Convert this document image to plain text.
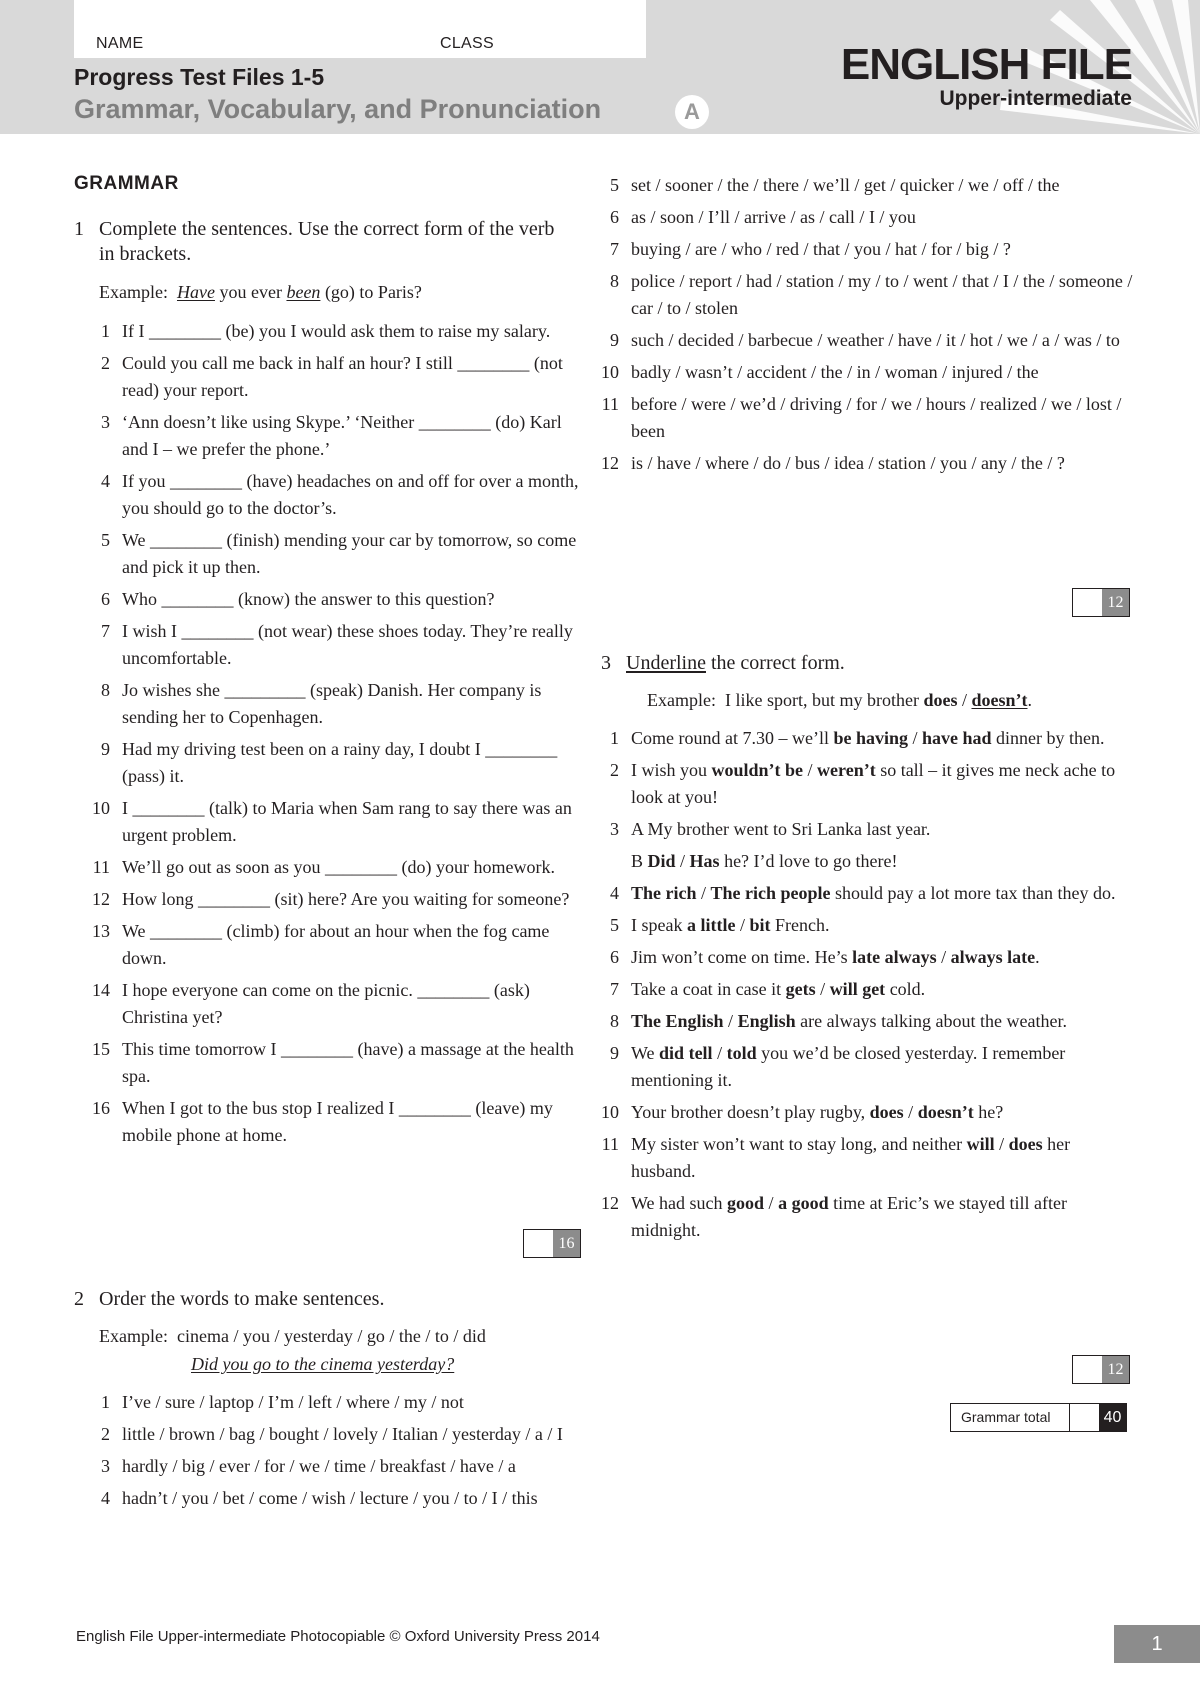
NAME	CLASS
Progress Test Files 1-5
Grammar, Vocabulary, and Pronunciation	A
ENGLISH FILE
Upper-intermediate
GRAMMAR
1 Complete the sentences. Use the correct form of the verb in brackets.
Example: Have you ever been (go) to Paris?
1 If I ________ (be) you I would ask them to raise my salary.
2 Could you call me back in half an hour? I still ________ (not read) your report.
3 ‘Ann doesn’t like using Skype.’ ‘Neither ________ (do) Karl and I – we prefer the phone.’
4 If you ________ (have) headaches on and off for over a month, you should go to the doctor’s.
5 We ________ (finish) mending your car by tomorrow, so come and pick it up then.
6 Who ________ (know) the answer to this question?
7 I wish I ________ (not wear) these shoes today. They’re really uncomfortable.
8 Jo wishes she _________ (speak) Danish. Her company is sending her to Copenhagen.
9 Had my driving test been on a rainy day, I doubt I ________ (pass) it.
10 I ________ (talk) to Maria when Sam rang to say there was an urgent problem.
11 We’ll go out as soon as you ________ (do) your homework.
12 How long ________ (sit) here? Are you waiting for someone?
13 We ________ (climb) for about an hour when the fog came down.
14 I hope everyone can come on the picnic. ________ (ask) Christina yet?
15 This time tomorrow I ________ (have) a massage at the health spa.
16 When I got to the bus stop I realized I ________ (leave) my mobile phone at home.
16
2 Order the words to make sentences.
Example: cinema / you / yesterday / go / the / to / did
Did you go to the cinema yesterday?
1 I’ve / sure / laptop / I’m / left / where / my / not
2 little / brown / bag / bought / lovely / Italian / yesterday / a / I
3 hardly / big / ever / for / we / time / breakfast / have / a
4 hadn’t / you / bet / come / wish / lecture / you / to / I / this
5 set / sooner / the / there / we’ll / get / quicker / we / off / the
6 as / soon / I’ll / arrive / as / call / I / you
7 buying / are / who / red / that / you / hat / for / big / ?
8 police / report / had / station / my / to / went / that / I / the / someone / car / to / stolen
9 such / decided / barbecue / weather / have / it / hot / we / a / was / to
10 badly / wasn’t / accident / the / in / woman / injured / the
11 before / were / we’d / driving / for / we / hours / realized / we / lost / been
12 is / have / where / do / bus / idea / station / you / any / the / ?
12
3 Underline the correct form.
Example: I like sport, but my brother does / doesn’t.
1 Come round at 7.30 – we’ll be having / have had dinner by then.
2 I wish you wouldn’t be / weren’t so tall – it gives me neck ache to look at you!
3 A My brother went to Sri Lanka last year.
B Did / Has he? I’d love to go there!
4 The rich / The rich people should pay a lot more tax than they do.
5 I speak a little / bit French.
6 Jim won’t come on time. He’s late always / always late.
7 Take a coat in case it gets / will get cold.
8 The English / English are always talking about the weather.
9 We did tell / told you we’d be closed yesterday. I remember mentioning it.
10 Your brother doesn’t play rugby, does / doesn’t he?
11 My sister won’t want to stay long, and neither will / does her husband.
12 We had such good / a good time at Eric’s we stayed till after midnight.
12
Grammar total	40
English File Upper-intermediate Photocopiable © Oxford University Press 2014	1
